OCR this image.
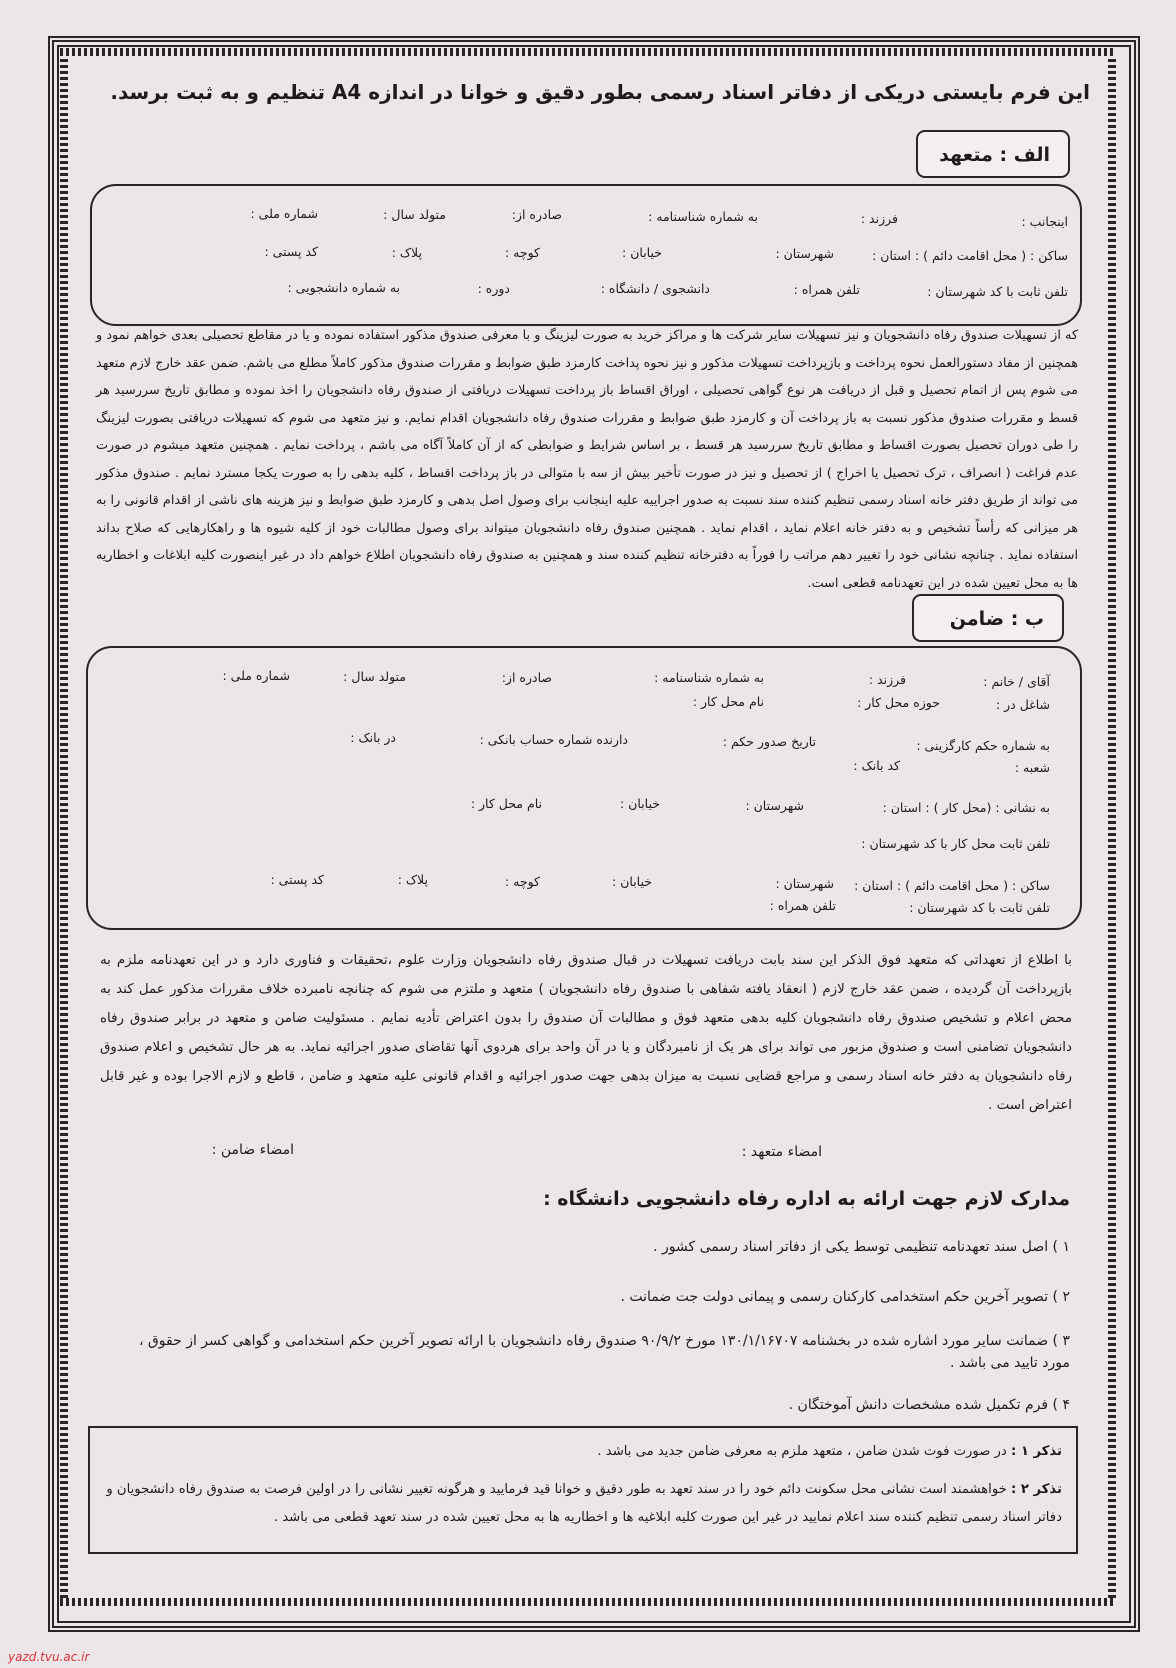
این فرم بایستی دریکی از دفاتر اسناد رسمی بطور دقیق و خوانا در اندازه A4 تنظیم و به ثبت برسد.
الف : متعهد
اینجانب :
فرزند :
به شماره شناسنامه :
صادره از:
متولد سال :
شماره ملی :
ساکن : ( محل اقامت دائم ) : استان :
شهرستان :
خیابان :
کوچه :
پلاک :
کد پستی :
تلفن ثابت با کد شهرستان :
تلفن همراه :
دانشجوی / دانشگاه :
دوره :
به شماره دانشجویی :
که از تسهیلات صندوق رفاه دانشجویان و نیز تسهیلات سایر شرکت ها و مراکز خرید به صورت لیزینگ و با معرفی صندوق مذکور استفاده نموده و یا در مقاطع تحصیلی بعدی خواهم نمود و همچنین از مفاد دستورالعمل نحوه پرداخت و بازپرداخت تسهیلات مذکور و نیز نحوه پداخت کارمزد طبق ضوابط و مقررات صندوق مذکور کاملاً مطلع می باشم. ضمن عقد خارج لازم متعهد می شوم پس از اتمام تحصیل و قبل از دریافت هر نوع گواهی تحصیلی ، اوراق اقساط باز پرداخت تسهیلات دریافتی از صندوق رفاه دانشجویان را اخذ نموده و مطابق تاریخ سررسید هر قسط و مقررات صندوق مذکور نسبت به باز پرداخت آن و کارمزد طبق ضوابط و مقررات صندوق رفاه دانشجویان اقدام نمایم. و نیز متعهد می شوم که تسهیلات دریافتی بصورت لیزینگ را طی دوران تحصیل بصورت اقساط و مطابق تاریخ سررسید هر قسط ، بر اساس شرایط و ضوابطی که از آن کاملاً آگاه می باشم ، پرداخت نمایم . همچنین متعهد میشوم در صورت عدم فراغت ( انصراف ، ترک تحصیل یا اخراج ) از تحصیل و نیز در صورت تأخیر بیش از سه با متوالی در باز پرداخت اقساط ، کلیه بدهی را به صورت یکجا مسترد نمایم . صندوق مذکور می تواند از طریق دفتر خانه اسناد رسمی تنظیم کننده سند نسبت به صدور اجراییه علیه اینجانب برای وصول اصل بدهی و کارمزد طبق ضوابط و نیز هزینه های ناشی از اقدام قانونی را به هر میزانی که رأساً تشخیص و به دفتر خانه اعلام نماید ، اقدام نماید . همچنین صندوق رفاه دانشجویان میتواند برای وصول مطالبات خود از کلیه شیوه ها و راهکارهایی که صلاح بداند استفاده نماید . چنانچه نشانی خود را تغییر دهم مراتب را فوراً به دفترخانه تنظیم کننده سند و همچنین به صندوق رفاه دانشجویان اطلاع خواهم داد در غیر اینصورت کلیه ابلاغات و اخطاریه ها به محل تعیین شده در این تعهدنامه قطعی است.
ب : ضامن
آقای / خانم :
فرزند :
به شماره شناسنامه :
صادره از:
متولد سال :
شماره ملی :
شاغل در :
حوزه محل کار :
نام محل کار :
به شماره حکم کارگزینی :
تاریخ صدور حکم :
دارنده شماره حساب بانکی :
در بانک :
شعبه :
کد بانک :
به نشانی : (محل کار ) : استان :
شهرستان :
خیابان :
نام محل کار :
تلفن ثابت محل کار با کد شهرستان :
ساکن : ( محل اقامت دائم ) : استان :
شهرستان :
خیابان :
کوچه :
پلاک :
کد پستی :
تلفن ثابت با کد شهرستان :
تلفن همراه :
با اطلاع از تعهداتی که متعهد فوق الذکر این سند بابت دریافت تسهیلات در قبال صندوق رفاه دانشجویان وزارت علوم ،تحقیقات و فناوری دارد و در این تعهدنامه ملزم به بازپرداخت آن گردیده ، ضمن عقد خارج لازم ( انعقاد یافته شفاهی با صندوق رفاه دانشجویان ) متعهد و ملتزم می شوم که چنانچه نامبرده خلاف مقررات مذکور عمل کند به محض اعلام و تشخیص صندوق رفاه دانشجویان کلیه بدهی متعهد فوق و مطالبات آن صندوق را بدون اعتراض تأدیه نمایم . مسئولیت ضامن و متعهد در برابر صندوق رفاه دانشجویان تضامنی است و صندوق مزبور می تواند برای هر یک از نامبردگان و یا در آن واحد برای هردوی آنها تقاضای صدور اجرائیه نماید. به هر حال تشخیص و اعلام صندوق رفاه دانشجویان به دفتر خانه اسناد رسمی و مراجع قضایی نسبت به میزان بدهی جهت صدور اجرائیه و اقدام قانونی علیه متعهد و ضامن ، قاطع و لازم الاجرا بوده و غیر قابل اعتراض است .
امضاء متعهد :
امضاء ضامن :
مدارک لازم جهت ارائه به اداره رفاه دانشجویی دانشگاه :
۱ ) اصل سند تعهدنامه تنظیمی توسط یکی از دفاتر اسناد رسمی کشور .
۲ ) تصویر آخرین حکم استخدامی کارکنان رسمی و پیمانی دولت جت ضمانت .
۳ ) ضمانت سایر مورد اشاره شده در بخشنامه ۱۳۰/۱/۱۶۷۰۷ مورخ ۹۰/۹/۲ صندوق رفاه دانشجویان با ارائه تصویر آخرین حکم استخدامی و گواهی کسر از حقوق ، مورد تایید می باشد .
۴ ) فرم تکمیل شده مشخصات دانش آموختگان .
تذکر ۱ : در صورت فوت شدن ضامن ، متعهد ملزم به معرفی ضامن جدید می باشد .
تذکر ۲ : خواهشمند است نشانی محل سکونت دائم خود را در سند تعهد به طور دقیق و خوانا قید فرمایید و هرگونه تغییر نشانی را در اولین فرصت به صندوق رفاه دانشجویان و دفاتر اسناد رسمی تنظیم کننده سند اعلام نمایید در غیر این صورت کلیه ابلاغیه ها و اخطاریه ها به محل تعیین شده در سند تعهد قطعی می باشد .
yazd.tvu.ac.ir
